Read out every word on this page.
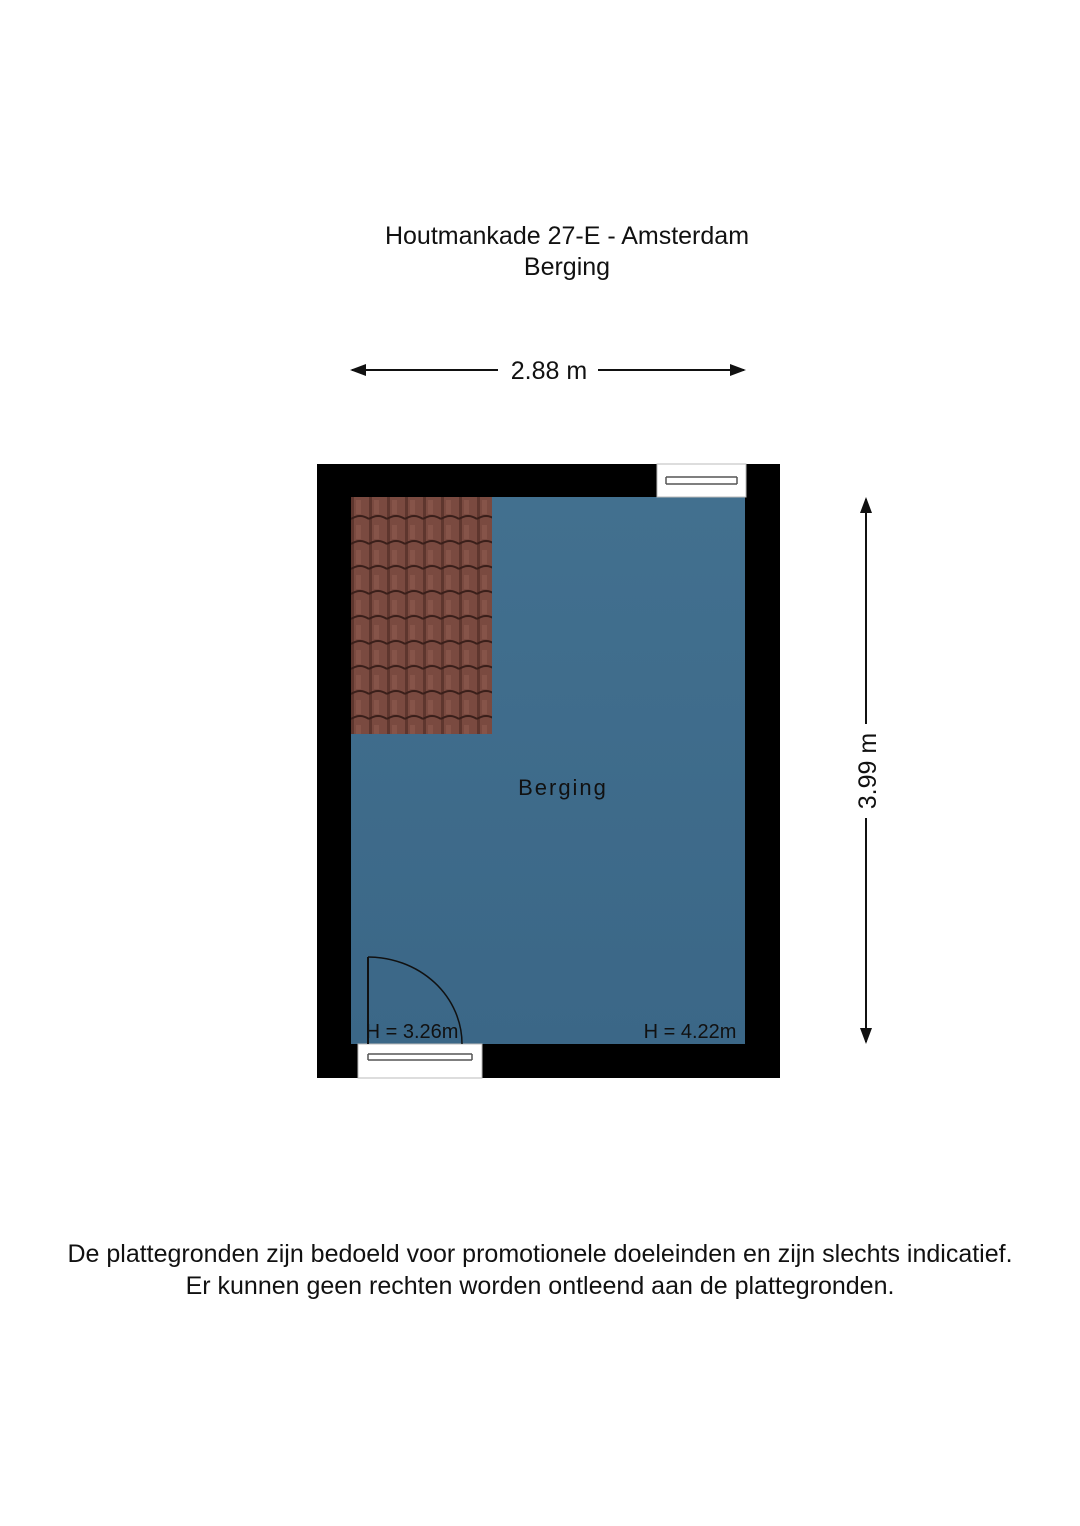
Houtmankade 27-E - Amsterdam
Berging
2.88 m
3.99 m
Berging
H = 3.26m	H = 4.22m
De plattegronden zijn bedoeld voor promotionele doeleinden en zijn slechts indicatief.
Er kunnen geen rechten worden ontleend aan de plattegronden.
